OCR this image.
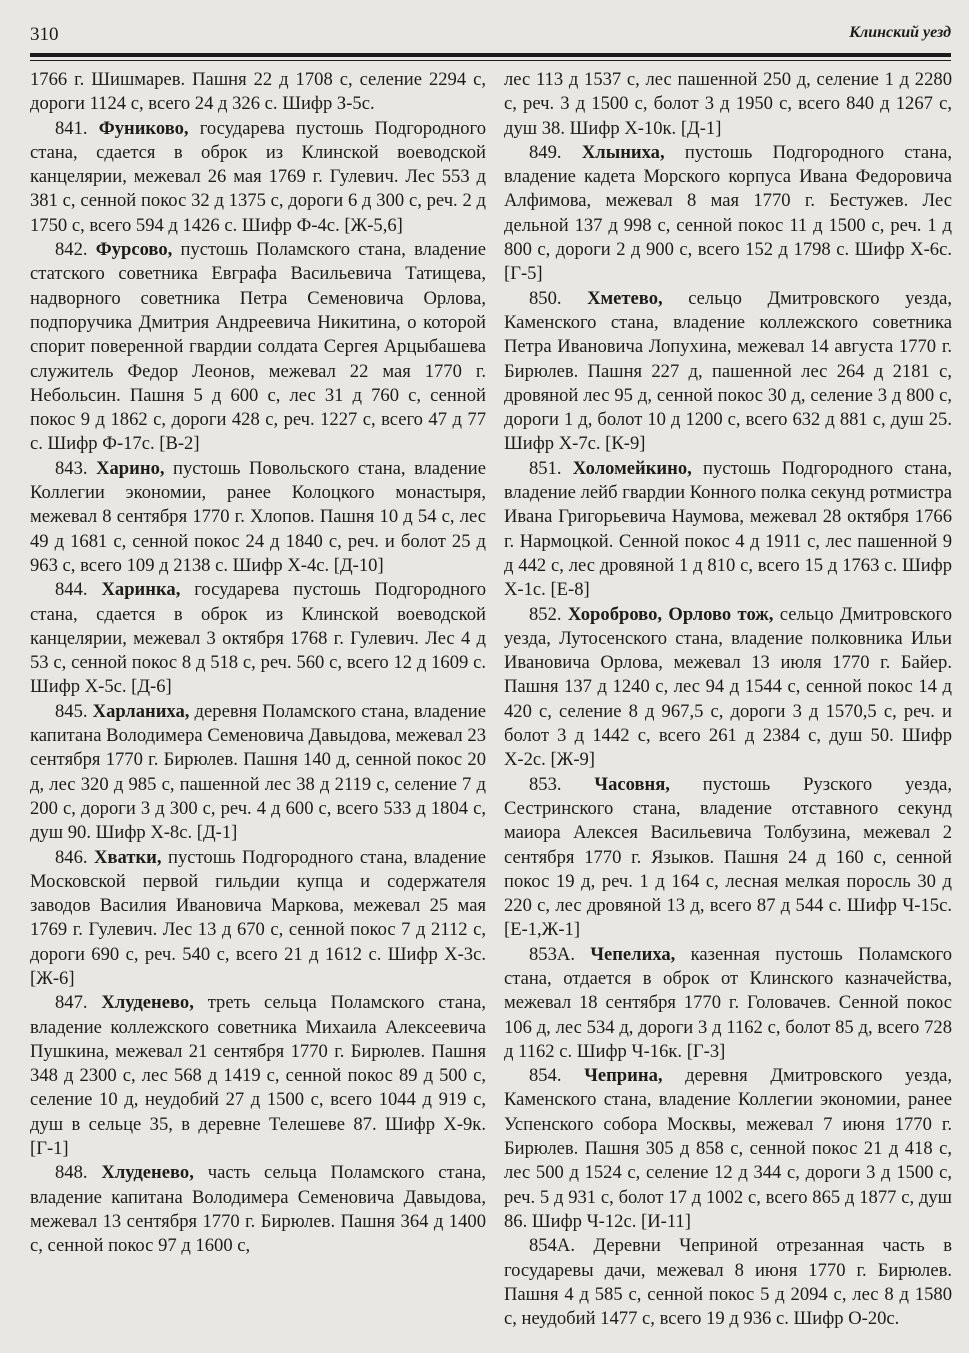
310	Клинский уезд

1766 г. Шишмарев. Пашня 22 д 1708 с, селение 2294 с, дороги 1124 с, всего 24 д 326 с. Шифр З-5с.

841. Фуниково, государева пустошь Подгородного стана, сдается в оброк из Клинской воеводской канцелярии, межевал 26 мая 1769 г. Гулевич. Лес 553 д 381 с, сенной покос 32 д 1375 с, дороги 6 д 300 с, реч. 2 д 1750 с, всего 594 д 1426 с. Шифр Ф-4с. [Ж-5,6]

842. Фурсово, пустошь Поламского стана, владение статского советника Евграфа Васильевича Татищева, надворного советника Петра Семеновича Орлова, подпоручика Дмитрия Андреевича Никитина, о которой спорит поверенной гвардии солдата Сергея Арцыбашева служитель Федор Леонов, межевал 22 мая 1770 г. Небольсин. Пашня 5 д 600 с, лес 31 д 760 с, сенной покос 9 д 1862 с, дороги 428 с, реч. 1227 с, всего 47 д 77 с. Шифр Ф-17с. [В-2]

843. Харино, пустошь Повольского стана, владение Коллегии экономии, ранее Колоцкого монастыря, межевал 8 сентября 1770 г. Хлопов. Пашня 10 д 54 с, лес 49 д 1681 с, сенной покос 24 д 1840 с, реч. и болот 25 д 963 с, всего 109 д 2138 с. Шифр Х-4с. [Д-10]

844. Харинка, государева пустошь Подгородного стана, сдается в оброк из Клинской воеводской канцелярии, межевал 3 октября 1768 г. Гулевич. Лес 4 д 53 с, сенной покос 8 д 518 с, реч. 560 с, всего 12 д 1609 с. Шифр Х-5с. [Д-6]

845. Харланиха, деревня Поламского стана, владение капитана Володимера Семеновича Давыдова, межевал 23 сентября 1770 г. Бирюлев. Пашня 140 д, сенной покос 20 д, лес 320 д 985 с, пашенной лес 38 д 2119 с, селение 7 д 200 с, дороги 3 д 300 с, реч. 4 д 600 с, всего 533 д 1804 с, душ 90. Шифр Х-8с. [Д-1]

846. Хватки, пустошь Подгородного стана, владение Московской первой гильдии купца и содержателя заводов Василия Ивановича Маркова, межевал 25 мая 1769 г. Гулевич. Лес 13 д 670 с, сенной покос 7 д 2112 с, дороги 690 с, реч. 540 с, всего 21 д 1612 с. Шифр Х-3с. [Ж-6]

847. Хлуденево, треть сельца Поламского стана, владение коллежского советника Михаила Алексеевича Пушкина, межевал 21 сентября 1770 г. Бирюлев. Пашня 348 д 2300 с, лес 568 д 1419 с, сенной покос 89 д 500 с, селение 10 д, неудобий 27 д 1500 с, всего 1044 д 919 с, душ в сельце 35, в деревне Телешеве 87. Шифр Х-9к. [Г-1]

848. Хлуденево, часть сельца Поламского стана, владение капитана Володимера Семеновича Давыдова, межевал 13 сентября 1770 г. Бирюлев. Пашня 364 д 1400 с, сенной покос 97 д 1600 с,

лес 113 д 1537 с, лес пашенной 250 д, селение 1 д 2280 с, реч. 3 д 1500 с, болот 3 д 1950 с, всего 840 д 1267 с, душ 38. Шифр Х-10к. [Д-1]

849. Хлыниха, пустошь Подгородного стана, владение кадета Морского корпуса Ивана Федоровича Алфимова, межевал 8 мая 1770 г. Бестужев. Лес дельной 137 д 998 с, сенной покос 11 д 1500 с, реч. 1 д 800 с, дороги 2 д 900 с, всего 152 д 1798 с. Шифр Х-6с. [Г-5]

850. Хметево, сельцо Дмитровского уезда, Каменского стана, владение коллежского советника Петра Ивановича Лопухина, межевал 14 августа 1770 г. Бирюлев. Пашня 227 д, пашенной лес 264 д 2181 с, дровяной лес 95 д, сенной покос 30 д, селение 3 д 800 с, дороги 1 д, болот 10 д 1200 с, всего 632 д 881 с, душ 25. Шифр Х-7с. [К-9]

851. Холомейкино, пустошь Подгородного стана, владение лейб гвардии Конного полка секунд ротмистра Ивана Григорьевича Наумова, межевал 28 октября 1766 г. Нармоцкой. Сенной покос 4 д 1911 с, лес пашенной 9 д 442 с, лес дровяной 1 д 810 с, всего 15 д 1763 с. Шифр Х-1с. [Е-8]

852. Хороброво, Орлово тож, сельцо Дмитровского уезда, Лутосенского стана, владение полковника Ильи Ивановича Орлова, межевал 13 июля 1770 г. Байер. Пашня 137 д 1240 с, лес 94 д 1544 с, сенной покос 14 д 420 с, селение 8 д 967,5 с, дороги 3 д 1570,5 с, реч. и болот 3 д 1442 с, всего 261 д 2384 с, душ 50. Шифр Х-2с. [Ж-9]

853. Часовня, пустошь Рузского уезда, Сестринского стана, владение отставного секунд маиора Алексея Васильевича Толбузина, межевал 2 сентября 1770 г. Языков. Пашня 24 д 160 с, сенной покос 19 д, реч. 1 д 164 с, лесная мелкая поросль 30 д 220 с, лес дровяной 13 д, всего 87 д 544 с. Шифр Ч-15с. [Е-1,Ж-1]

853А. Чепелиха, казенная пустошь Поламского стана, отдается в оброк от Клинского казначейства, межевал 18 сентября 1770 г. Головачев. Сенной покос 106 д, лес 534 д, дороги 3 д 1162 с, болот 85 д, всего 728 д 1162 с. Шифр Ч-16к. [Г-3]

854. Чеприна, деревня Дмитровского уезда, Каменского стана, владение Коллегии экономии, ранее Успенского собора Москвы, межевал 7 июня 1770 г. Бирюлев. Пашня 305 д 858 с, сенной покос 21 д 418 с, лес 500 д 1524 с, селение 12 д 344 с, дороги 3 д 1500 с, реч. 5 д 931 с, болот 17 д 1002 с, всего 865 д 1877 с, душ 86. Шифр Ч-12с. [И-11]

854А. Деревни Чеприной отрезанная часть в государевы дачи, межевал 8 июня 1770 г. Бирюлев. Пашня 4 д 585 с, сенной покос 5 д 2094 с, лес 8 д 1580 с, неудобий 1477 с, всего 19 д 936 с. Шифр О-20с.
